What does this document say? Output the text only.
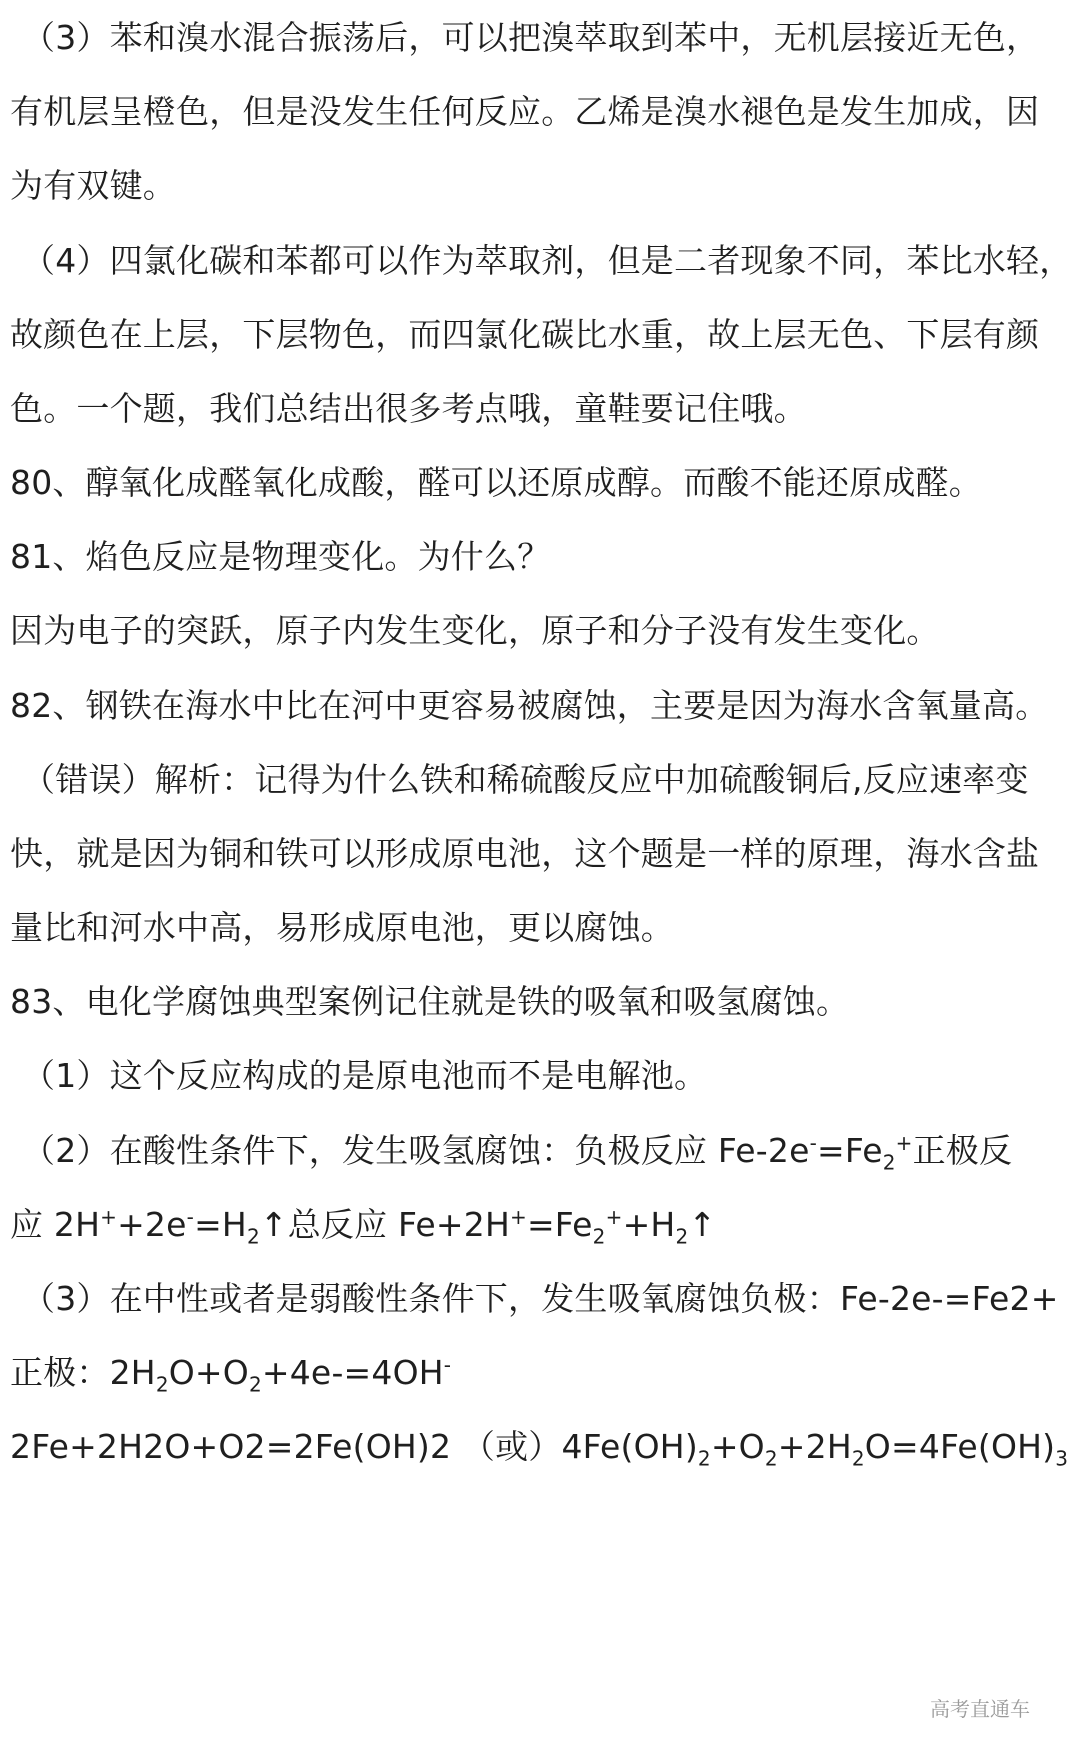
（3）苯和溴水混合振荡后，可以把溴萃取到苯中，无机层接近无色，
有机层呈橙色，但是没发生任何反应。乙烯是溴水褪色是发生加成，因
为有双键。
（4）四氯化碳和苯都可以作为萃取剂，但是二者现象不同，苯比水轻，
故颜色在上层，下层物色，而四氯化碳比水重，故上层无色、下层有颜
色。一个题，我们总结出很多考点哦，童鞋要记住哦。
80、醇氧化成醛氧化成酸，醛可以还原成醇。而酸不能还原成醛。
81、焰色反应是物理变化。为什么？
因为电子的突跃，原子内发生变化，原子和分子没有发生变化。
82、钢铁在海水中比在河中更容易被腐蚀，主要是因为海水含氧量高。
（错误）解析：记得为什么铁和稀硫酸反应中加硫酸铜后,反应速率变
快，就是因为铜和铁可以形成原电池，这个题是一样的原理，海水含盐
量比和河水中高，易形成原电池，更以腐蚀。
83、电化学腐蚀典型案例记住就是铁的吸氧和吸氢腐蚀。
（1）这个反应构成的是原电池而不是电解池。
（2）在酸性条件下，发生吸氢腐蚀：负极反应 $Fe-2e^-=Fe_2^+$正极反
应 $2H^++2e^-=H_2↑$总反应 $Fe+2H^+=Fe_2^++H_2↑$
（3）在中性或者是弱酸性条件下，发生吸氧腐蚀负极：Fe-2e-=Fe2+
正极：$2H_2O+O_2+4e-=4OH^-$
2Fe+2H2O+O2=2Fe(OH)2 （或）$4Fe(OH)_2+O_2+2H_2O=4Fe(OH)_3$
高考直通车
